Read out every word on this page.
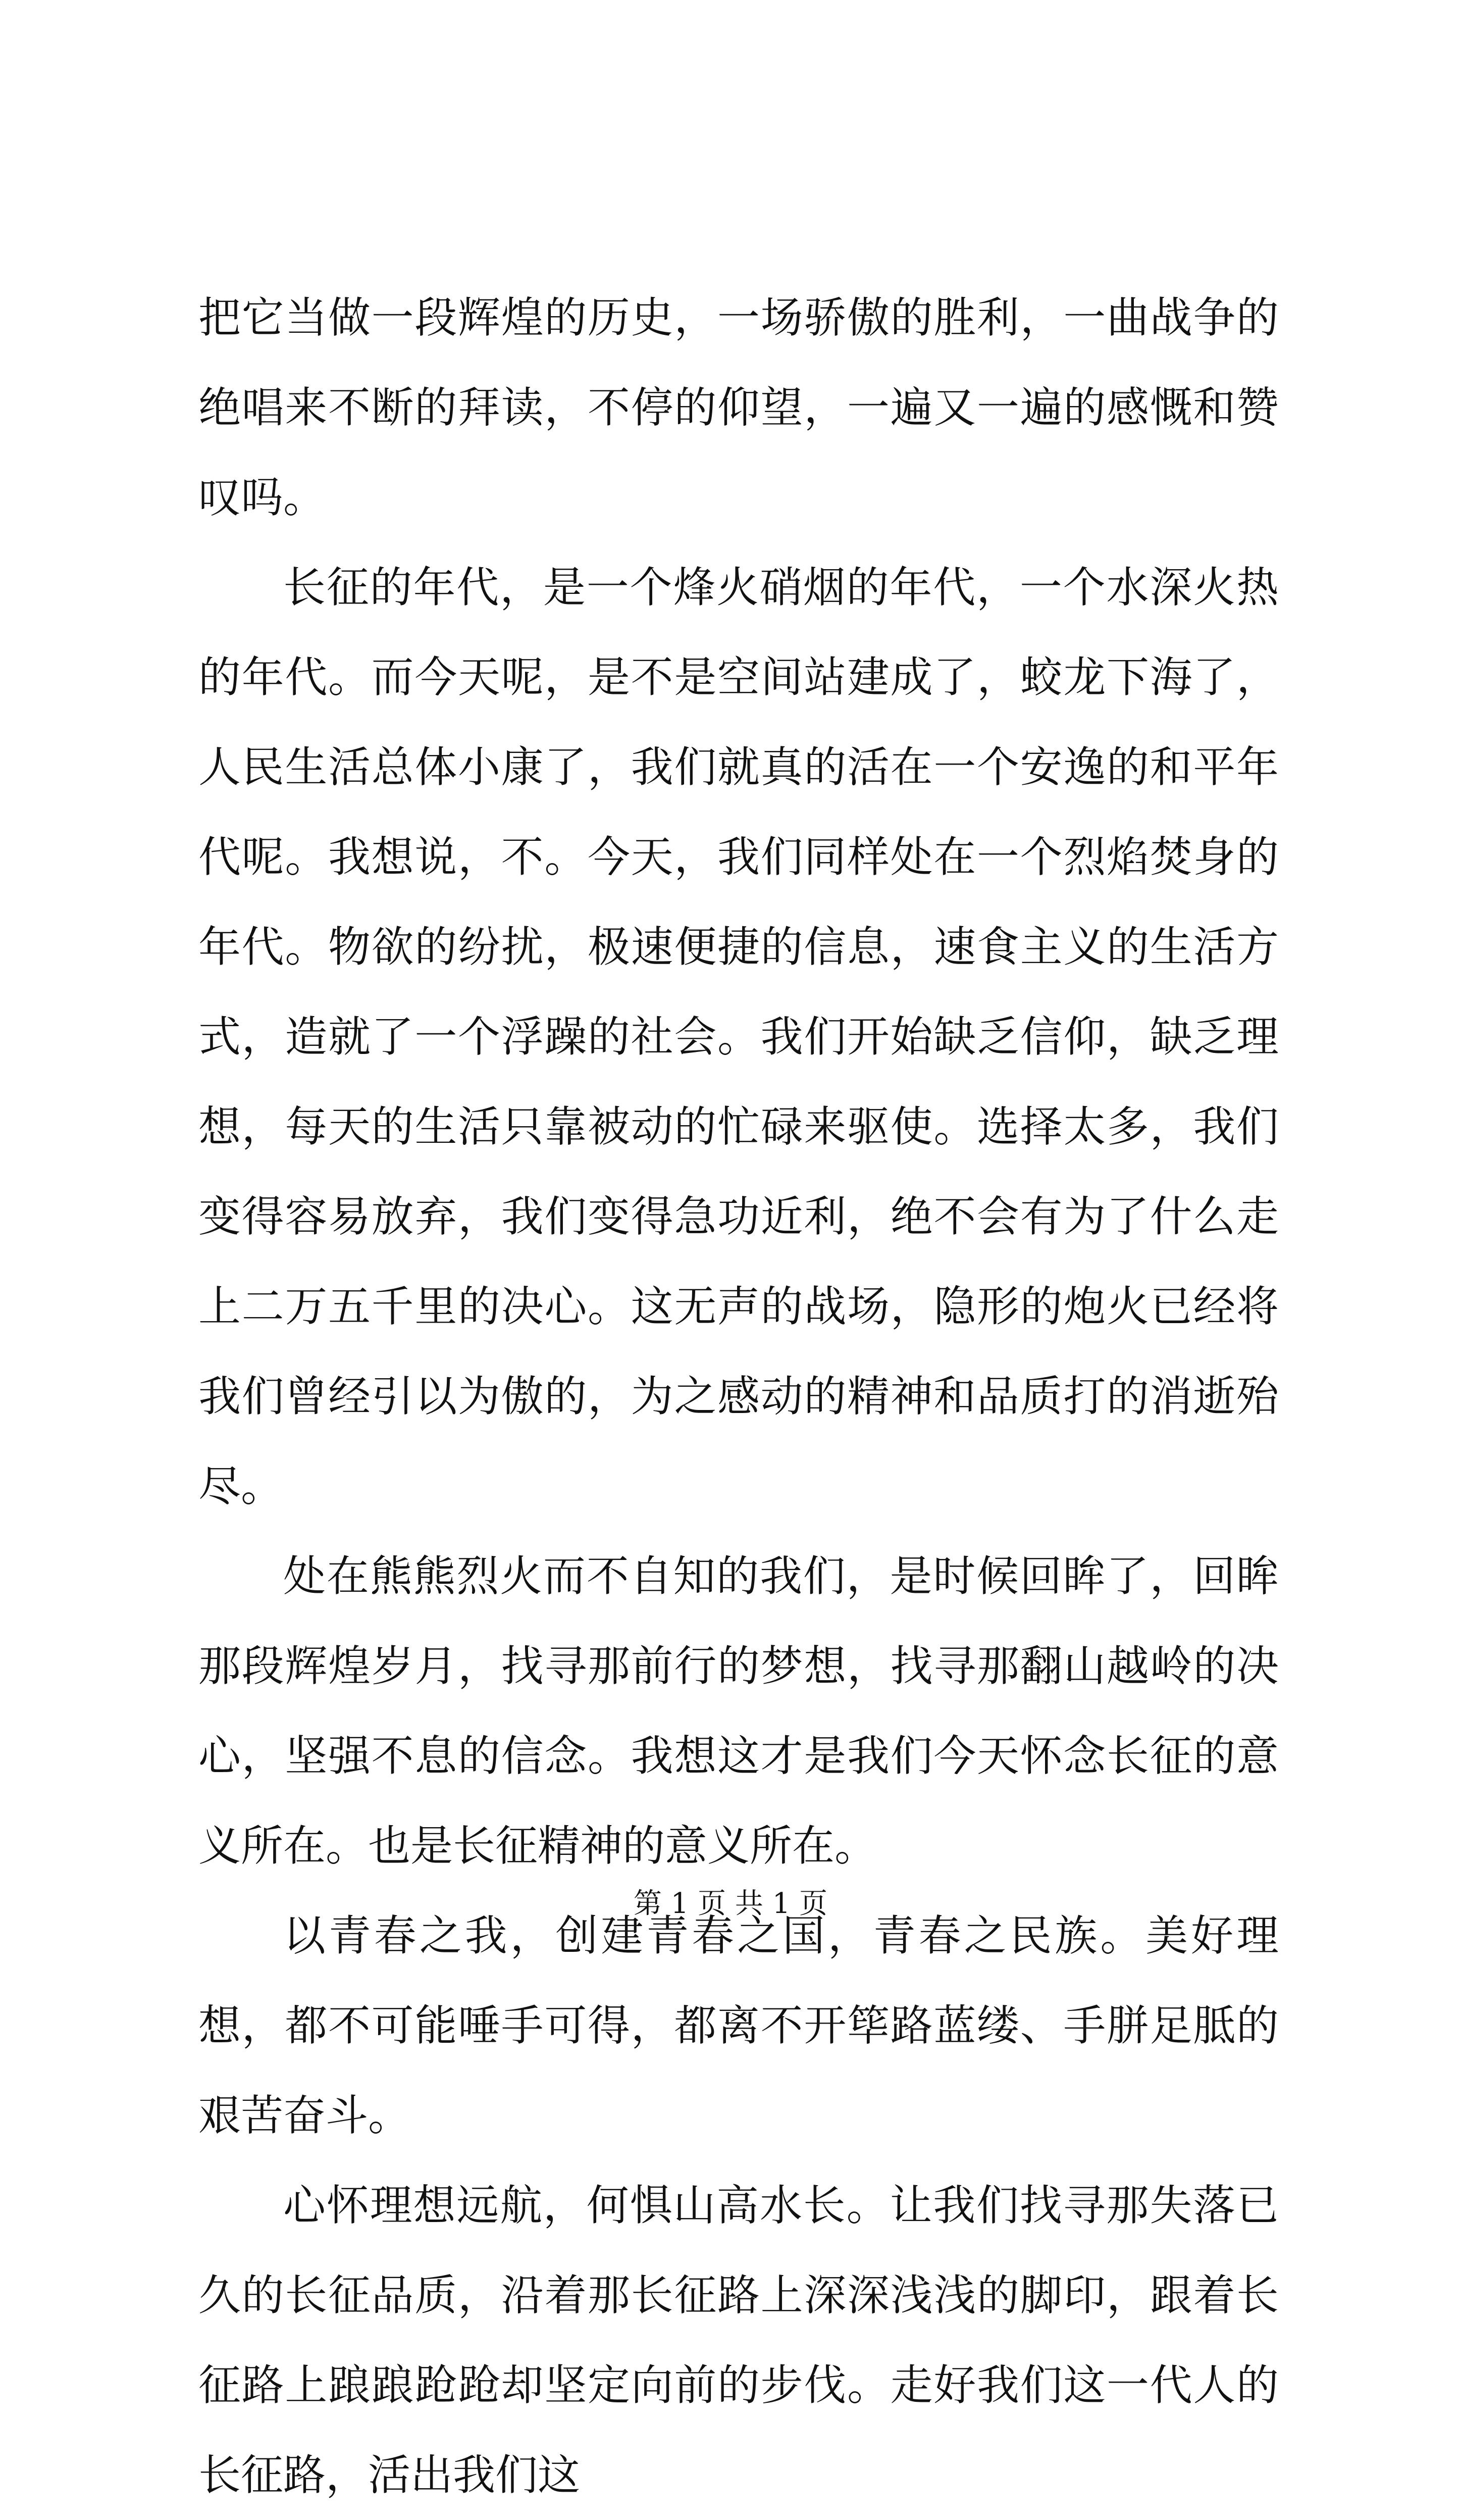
把它当做一段辉煌的历史，一场骄傲的胜利，一曲战争的绝唱来不断的拜读，不停的仰望，一遍又一遍的感慨和赞叹吗。

长征的年代，是一个烽火硝烟的年代，一个水深火热的年代。而今天呢，是不是空间站建成了，蛟龙下海了，人民生活总体小康了，我们就真的活在一个安逸的和平年代呢。我想说，不。今天，我们同样处在一个烈焰焚身的年代。物欲的纷扰，极速便捷的信息，速食主义的生活方式，造就了一个浮躁的社会。我们开始缺乏信仰，缺乏理想，每天的生活只靠被动的忙碌来驱使。选择太多，我们变得容易放弃，我们变得急功近利，绝不会有为了什么走上二万五千里的决心。这无声的战场，隐形的炮火已经将我们曾经引以为傲的，为之感动的精神和品质打的消逝殆尽。

处在熊熊烈火而不自知的我们，是时候回眸了，回眸那段辉煌岁月，找寻那前行的梦想，找寻那翻山越岭的决心，坚强不息的信念。我想这才是我们今天怀念长征的意义所在。也是长征精神的意义所在。

以青春之我，创建青春之国，青春之民族。美好理想，都不可能唾手可得，都离不开筚路蓝缕、手胼足胝的艰苦奋斗。

心怀理想远航，何惧山高水长。让我们找寻那失落已久的长征品质，沿着那长征路上深深浅浅的脚印，跟着长征路上踉踉跄跄却坚定向前的步伐。走好我们这一代人的长征路，活出我们这

第 1 页 共 1 页
